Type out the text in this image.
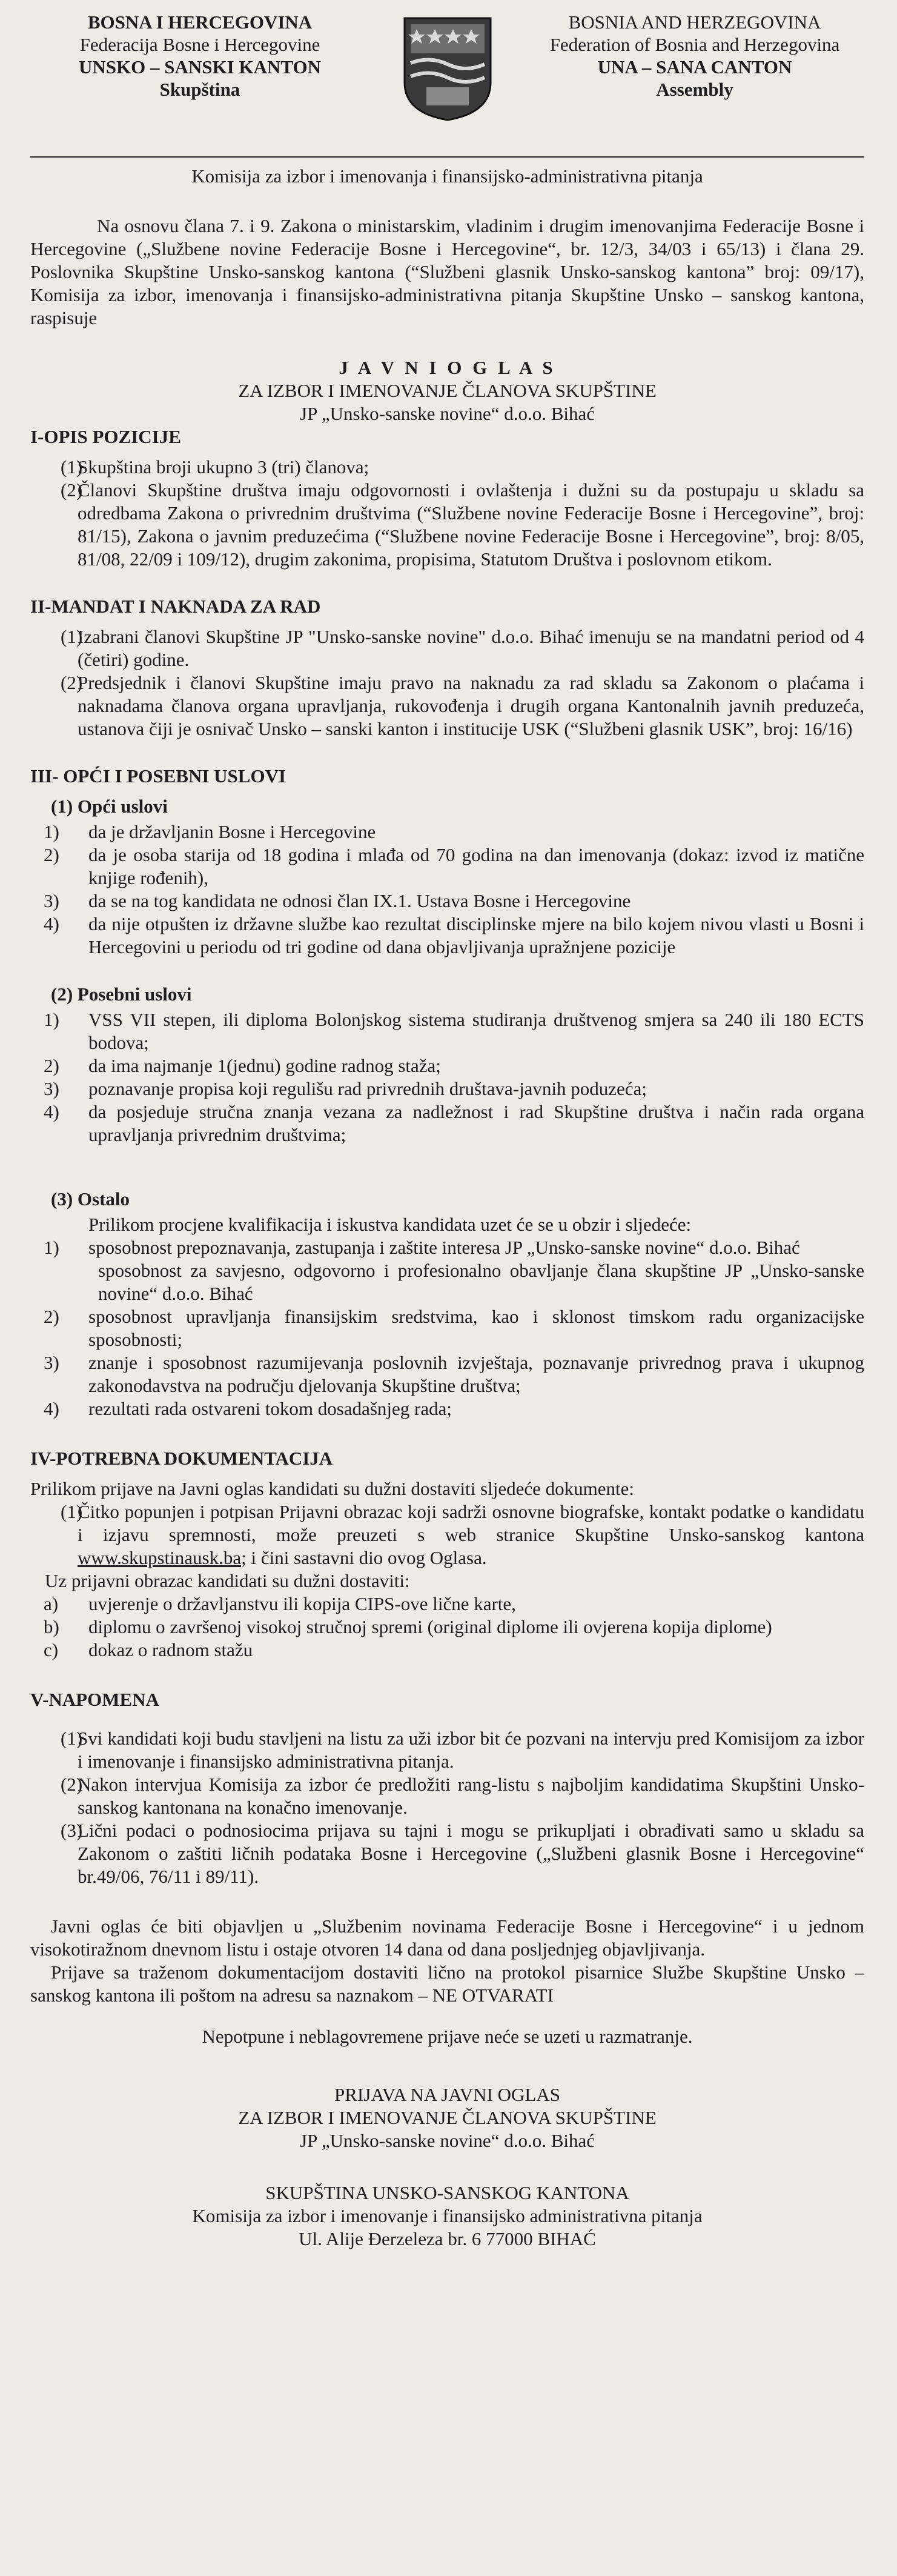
BOSNA I HERCEGOVINA
Federacija Bosne i Hercegovine
UNSKO – SANSKI KANTON
Skupština
BOSNIA AND HERZEGOVINA
Federation of Bosnia and Herzegovina
UNA – SANA CANTON
Assembly

Komisija za izbor i imenovanja i finansijsko-administrativna pitanja

Na osnovu člana 7. i 9. Zakona o ministarskim, vladinim i drugim imenovanjima Federacije Bosne i Hercegovine („Službene novine Federacije Bosne i Hercegovine“, br. 12/3, 34/03 i 65/13) i člana 29. Poslovnika Skupštine Unsko-sanskog kantona (“Službeni glasnik Unsko-sanskog kantona” broj: 09/17), Komisija za izbor, imenovanja i finansijsko-administrativna pitanja Skupštine Unsko – sanskog kantona, raspisuje

J A V N I O G L A S

ZA IZBOR I IMENOVANJE ČLANOVA SKUPŠTINE

JP „Unsko-sanske novine“ d.o.o. Bihać

I-OPIS POZICIJE

(1)
Skupština broji ukupno 3 (tri) članova;
(2)
Članovi Skupštine društva imaju odgovornosti i ovlaštenja i dužni su da postupaju u skladu sa odredbama Zakona o privrednim društvima (“Službene novine Federacije Bosne i Hercegovine”, broj: 81/15), Zakona o javnim preduzećima (“Službene novine Federacije Bosne i Hercegovine”, broj: 8/05, 81/08, 22/09 i 109/12), drugim zakonima, propisima, Statutom Društva i poslovnom etikom.

II-MANDAT I NAKNADA ZA RAD

(1)
Izabrani članovi Skupštine JP "Unsko-sanske novine" d.o.o. Bihać imenuju se na mandatni period od 4 (četiri) godine.
(2)
Predsjednik i članovi Skupštine imaju pravo na naknadu za rad skladu sa Zakonom o plaćama i naknadama članova organa upravljanja, rukovođenja i drugih organa Kantonalnih javnih preduzeća, ustanova čiji je osnivač Unsko – sanski kanton i institucije USK (“Službeni glasnik USK”, broj: 16/16)

III- OPĆI I POSEBNI USLOVI

(1) Opći uslovi

1) da je državljanin Bosne i Hercegovine
2) da je osoba starija od 18 godina i mlađa od 70 godina na dan imenovanja (dokaz: izvod iz matične knjige rođenih),
3) da se na tog kandidata ne odnosi član IX.1. Ustava Bosne i Hercegovine
4) da nije otpušten iz državne službe kao rezultat disciplinske mjere na bilo kojem nivou vlasti u Bosni i Hercegovini u periodu od tri godine od dana objavljivanja upražnjene pozicije

(2) Posebni uslovi

1) VSS VII stepen, ili diploma Bolonjskog sistema studiranja društvenog smjera sa 240 ili 180 ECTS bodova;
2) da ima najmanje 1(jednu) godine radnog staža;
3) poznavanje propisa koji regulišu rad privrednih društava-javnih poduzeća;
4) da posjeduje stručna znanja vezana za nadležnost i rad Skupštine društva i način rada organa upravljanja privrednim društvima;

(3) Ostalo

Prilikom procjene kvalifikacija i iskustva kandidata uzet će se u obzir i sljedeće:

1) sposobnost prepoznavanja, zastupanja i zaštite interesa JP „Unsko-sanske novine“ d.o.o. Bihać

sposobnost za savjesno, odgovorno i profesionalno obavljanje člana skupštine JP „Unsko-sanske novine“ d.o.o. Bihać

2) sposobnost upravljanja finansijskim sredstvima, kao i sklonost timskom radu organizacijske sposobnosti;
3) znanje i sposobnost razumijevanja poslovnih izvještaja, poznavanje privrednog prava i ukupnog zakonodavstva na području djelovanja Skupštine društva;
4) rezultati rada ostvareni tokom dosadašnjeg rada;

IV-POTREBNA DOKUMENTACIJA

Prilikom prijave na Javni oglas kandidati su dužni dostaviti sljedeće dokumente:

(1)
Čitko popunjen i potpisan Prijavni obrazac koji sadrži osnovne biografske, kontakt podatke o kandidatu i izjavu spremnosti, može preuzeti s web stranice Skupštine Unsko-sanskog kantona www.skupstinausk.ba; i čini sastavni dio ovog Oglasa.

Uz prijavni obrazac kandidati su dužni dostaviti:

a) uvjerenje o državljanstvu ili kopija CIPS-ove lične karte,
b) diplomu o završenoj visokoj stručnoj spremi (original diplome ili ovjerena kopija diplome)
c) dokaz o radnom stažu

V-NAPOMENA

(1)
Svi kandidati koji budu stavljeni na listu za uži izbor bit će pozvani na intervju pred Komisijom za izbor i imenovanje i finansijsko administrativna pitanja.
(2)
Nakon intervjua Komisija za izbor će predložiti rang-listu s najboljim kandidatima Skupštini Unsko-sanskog kantonana na konačno imenovanje.
(3)
Lični podaci o podnosiocima prijava su tajni i mogu se prikupljati i obrađivati samo u skladu sa Zakonom o zaštiti ličnih podataka Bosne i Hercegovine („Službeni glasnik Bosne i Hercegovine“ br.49/06, 76/11 i 89/11).

Javni oglas će biti objavljen u „Službenim novinama Federacije Bosne i Hercegovine“ i u jednom visokotiražnom dnevnom listu i ostaje otvoren 14 dana od dana posljednjeg objavljivanja.

Prijave sa traženom dokumentacijom dostaviti lično na protokol pisarnice Službe Skupštine Unsko – sanskog kantona ili poštom na adresu sa naznakom – NE OTVARATI

Nepotpune i neblagovremene prijave neće se uzeti u razmatranje.

PRIJAVA NA JAVNI OGLAS

ZA IZBOR I IMENOVANJE ČLANOVA SKUPŠTINE

JP „Unsko-sanske novine“ d.o.o. Bihać

SKUPŠTINA UNSKO-SANSKOG KANTONA

Komisija za izbor i imenovanje i finansijsko administrativna pitanja

Ul. Alije Đerzeleza br. 6 77000 BIHAĆ
